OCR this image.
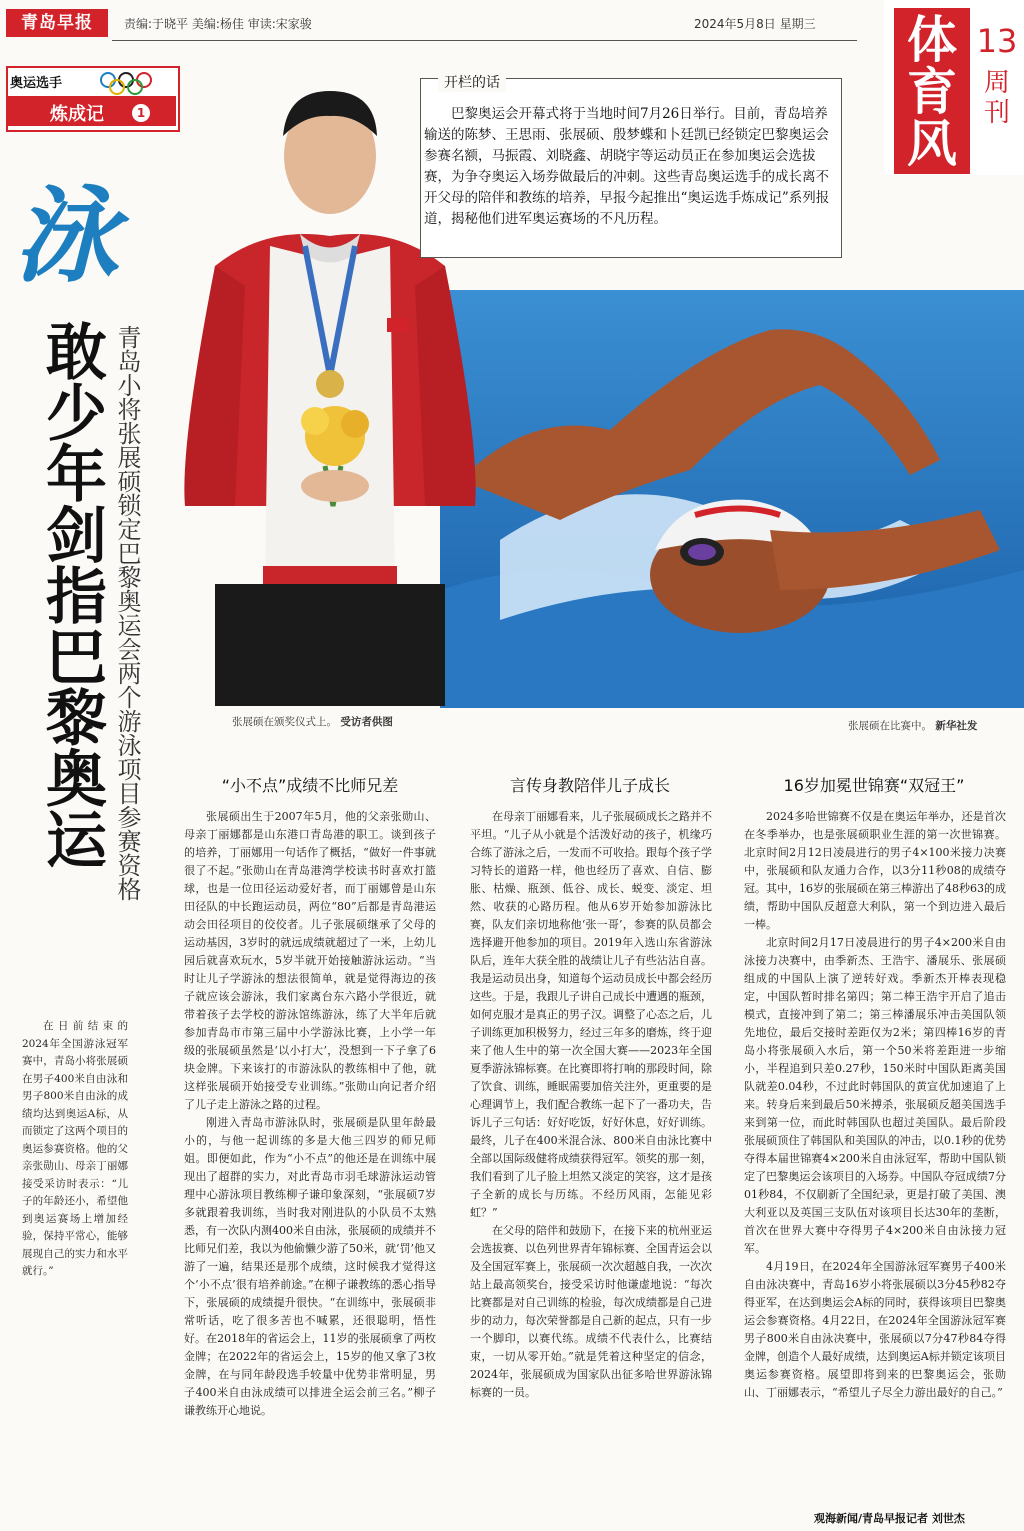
青岛早报	责编:于晓平 美编:杨佳 审读:宋家骏	2024年5月8日 星期三 体育风
13
周刊
奥运选手
炼成记	1
泳
敢少年剑指巴黎奥运 青岛小将张展硕锁定巴黎奥运会两个游泳项目参赛资格
开栏的话

巴黎奥运会开幕式将于当地时间7月26日举行。目前，青岛培养输送的陈梦、王思雨、张展硕、殷梦蝶和卜廷凯已经锁定巴黎奥运会参赛名额，马振霞、刘晓鑫、胡晓宇等运动员正在参加奥运会选拔赛，为争夺奥运入场券做最后的冲刺。这些青岛奥运选手的成长离不开父母的陪伴和教练的培养，早报今起推出“奥运选手炼成记”系列报道，揭秘他们进军奥运赛场的不凡历程。

张展硕在颁奖仪式上。 受访者供图	张展硕在比赛中。 新华社发

在日前结束的2024年全国游泳冠军赛中，青岛小将张展硕在男子400米自由泳和男子800米自由泳的成绩均达到奥运A标，从而锁定了这两个项目的奥运参赛资格。他的父亲张勋山、母亲丁丽娜接受采访时表示：“儿子的年龄还小，希望他到奥运赛场上增加经验，保持平常心，能够展现自己的实力和水平就行。”

“小不点”成绩不比师兄差	言传身教陪伴儿子成长	16岁加冕世锦赛“双冠王”

张展硕出生于2007年5月，他的父亲张勋山、母亲丁丽娜都是山东港口青岛港的职工。谈到孩子的培养，丁丽娜用一句话作了概括，“做好一件事就很了不起。”张勋山在青岛港湾学校读书时喜欢打篮球，也是一位田径运动爱好者，而丁丽娜曾是山东田径队的中长跑运动员，两位“80”后都是青岛港运动会田径项目的佼佼者。儿子张展硕继承了父母的运动基因，3岁时的就远成绩就超过了一米，上幼儿园后就喜欢玩水，5岁半就开始接触游泳运动。“当时让儿子学游泳的想法很简单，就是觉得海边的孩子就应该会游泳，我们家离台东六路小学很近，就带着孩子去学校的游泳馆练游泳，练了大半年后就参加青岛市市第三届中小学游泳比赛，上小学一年级的张展硕虽然是‘以小打大’，没想到一下子拿了6块金牌。下来该打的市游泳队的教练相中了他，就这样张展硕开始接受专业训练。”张勋山向记者介绍了儿子走上游泳之路的过程。

刚进入青岛市游泳队时，张展硕是队里年龄最小的，与他一起训练的多是大他三四岁的师兄师姐。即便如此，作为“小不点”的他还是在训练中展现出了超群的实力，对此青岛市羽毛球游泳运动管理中心游泳项目教练柳子谦印象深刻，“张展硕7岁多就跟着我训练，当时我对刚进队的小队员不太熟悉，有一次队内测400米自由泳，张展硕的成绩并不比师兄们差，我以为他偷懒少游了50米，就‘罚’他又游了一遍，结果还是那个成绩，这时候我才觉得这个‘小不点’很有培养前途。”在柳子谦教练的悉心指导下，张展硕的成绩提升很快。“在训练中，张展硕非常听话，吃了很多苦也不喊累，还很聪明，悟性好。在2018年的省运会上，11岁的张展硕拿了两枚金牌；在2022年的省运会上，15岁的他又拿了3枚金牌，在与同年龄段选手较量中优势非常明显，男子400米自由泳成绩可以排进全运会前三名。”柳子谦教练开心地说。

在母亲丁丽娜看来，儿子张展硕成长之路并不平坦。“儿子从小就是个活泼好动的孩子，机缘巧合练了游泳之后，一发而不可收拾。跟每个孩子学习特长的道路一样，他也经历了喜欢、自信、膨胀、枯燥、瓶颈、低谷、成长、蜕变、淡定、坦然、收获的心路历程。他从6岁开始参加游泳比赛，队友们亲切地称他‘张一哥’，参赛的队员都会选择避开他参加的项目。2019年入选山东省游泳队后，连年大获全胜的战绩让儿子有些沾沾自喜。我是运动员出身，知道每个运动员成长中都会经历这些。于是，我跟儿子讲自己成长中遭遇的瓶颈，如何克服才是真正的男子汉。调整了心态之后，儿子训练更加积极努力，经过三年多的磨炼，终于迎来了他人生中的第一次全国大赛——2023年全国夏季游泳锦标赛。在比赛即将打响的那段时间，除了饮食、训练，睡眠需要加倍关注外，更重要的是心理调节上，我们配合教练一起下了一番功夫，告诉儿子三句话：好好吃饭，好好休息，好好训练。最终，儿子在400米混合泳、800米自由泳比赛中全部以国际级健将成绩获得冠军。领奖的那一刻，我们看到了儿子脸上坦然又淡定的笑容，这才是孩子全新的成长与历练。不经历风雨，怎能见彩虹？”

在父母的陪伴和鼓励下，在接下来的杭州亚运会选拔赛、以色列世界青年锦标赛、全国青运会以及全国冠军赛上，张展硕一次次超越自我，一次次站上最高领奖台，接受采访时他谦虚地说：“每次比赛都是对自己训练的检验，每次成绩都是自己进步的动力，每次荣誉都是自己新的起点，只有一步一个脚印，以赛代练。成绩不代表什么，比赛结束，一切从零开始。”就是凭着这种坚定的信念，2024年，张展硕成为国家队出征多哈世界游泳锦标赛的一员。

2024多哈世锦赛不仅是在奥运年举办，还是首次在冬季举办，也是张展硕职业生涯的第一次世锦赛。北京时间2月12日凌晨进行的男子4×100米接力决赛中，张展硕和队友通力合作，以3分11秒08的成绩夺冠。其中，16岁的张展硕在第三棒游出了48秒63的成绩，帮助中国队反超意大利队，第一个到边进入最后一棒。

北京时间2月17日凌晨进行的男子4×200米自由泳接力决赛中，由季新杰、王浩宇、潘展乐、张展硕组成的中国队上演了逆转好戏。季新杰开棒表现稳定，中国队暂时排名第四；第二棒王浩宇开启了追击模式，直接冲到了第二；第三棒潘展乐冲击美国队领先地位，最后交接时差距仅为2米；第四棒16岁的青岛小将张展硕入水后，第一个50米将差距进一步缩小，半程追到只差0.27秒，150米时中国队距离美国队就差0.04秒，不过此时韩国队的黄宣优加速追了上来。转身后来到最后50米搏杀，张展硕反超美国选手来到第一位，而此时韩国队也超过美国队。最后阶段张展硕顶住了韩国队和美国队的冲击，以0.1秒的优势夺得本届世锦赛4×200米自由泳冠军，帮助中国队锁定了巴黎奥运会该项目的入场券。中国队夺冠成绩7分01秒84，不仅刷新了全国纪录，更是打破了美国、澳大利亚以及英国三支队伍对该项目长达30年的垄断，首次在世界大赛中夺得男子4×200米自由泳接力冠军。

4月19日，在2024年全国游泳冠军赛男子400米自由泳决赛中，青岛16岁小将张展硕以3分45秒82夺得亚军，在达到奥运会A标的同时，获得该项目巴黎奥运会参赛资格。4月22日，在2024年全国游泳冠军赛男子800米自由泳决赛中，张展硕以7分47秒84夺得金牌，创造个人最好成绩，达到奥运A标并锁定该项目奥运参赛资格。展望即将到来的巴黎奥运会，张勋山、丁丽娜表示，“希望儿子尽全力游出最好的自己。”

观海新闻/青岛早报记者 刘世杰
